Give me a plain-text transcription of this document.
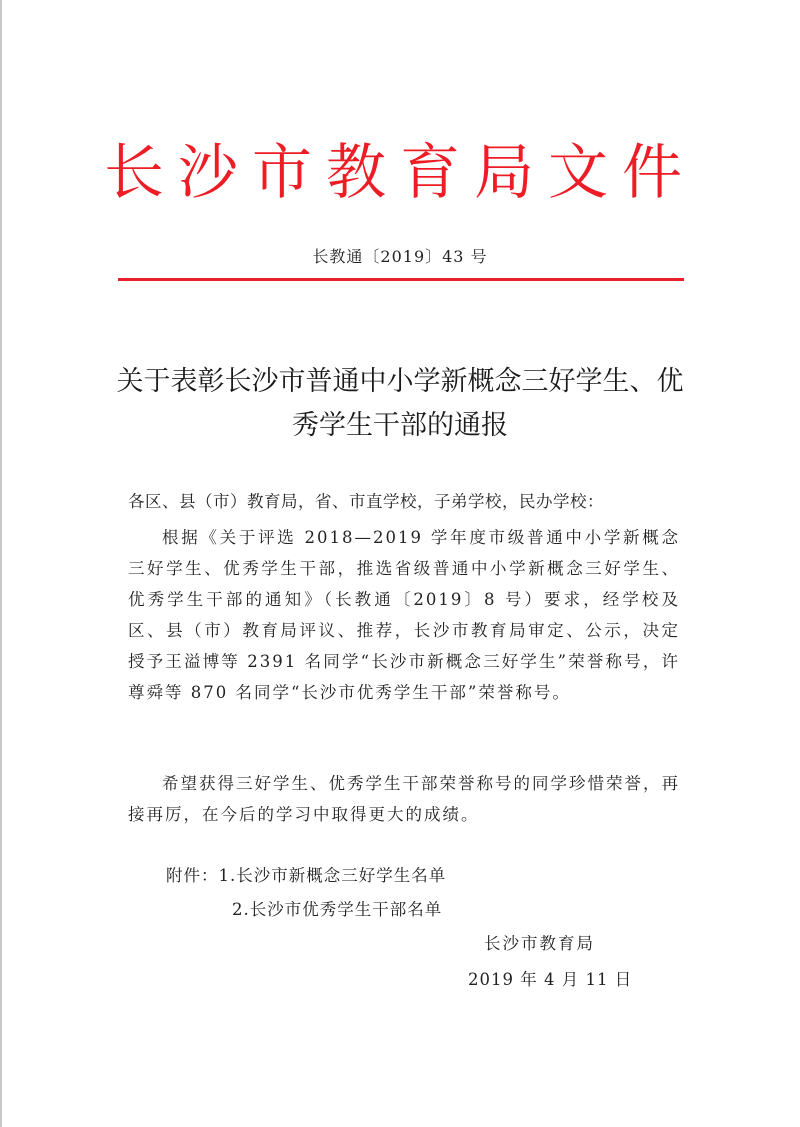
长沙市教育局文件
长教通〔2019〕43 号
关于表彰长沙市普通中小学新概念三好学生、优秀学生干部的通报
各区、县（市）教育局，省、市直学校，子弟学校，民办学校：
根据《关于评选 2018—2019 学年度市级普通中小学新概念三好学生、优秀学生干部，推选省级普通中小学新概念三好学生、优秀学生干部的通知》（长教通〔2019〕8 号）要求，经学校及区、县（市）教育局评议、推荐，长沙市教育局审定、公示，决定授予王溢博等 2391 名同学“长沙市新概念三好学生”荣誉称号，许尊舜等 870 名同学“长沙市优秀学生干部”荣誉称号。
希望获得三好学生、优秀学生干部荣誉称号的同学珍惜荣誉，再接再厉，在今后的学习中取得更大的成绩。
附件：1.长沙市新概念三好学生名单
2.长沙市优秀学生干部名单
长沙市教育局
2019 年 4 月 11 日
